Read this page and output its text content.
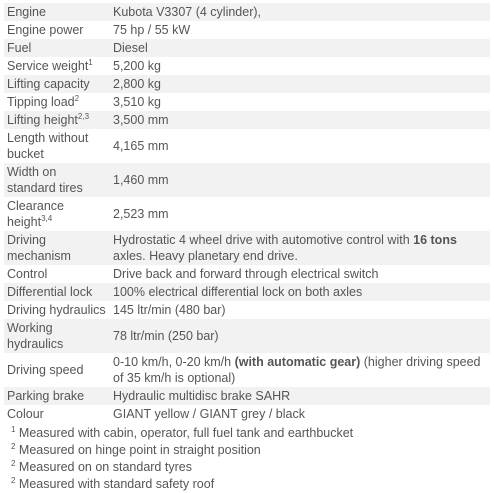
Engine	Kubota V3307 (4 cylinder),
Engine power	75 hp / 55 kW
Fuel	Diesel
Service weight$^1$	5,200 kg
Lifting capacity	2,800 kg
Tipping load$^2$	3,510 kg
Lifting height$^{2,3}$	3,500 mm
Length without bucket	4,165 mm
Width on standard tires	1,460 mm
Clearance height$^{3,4}$	2,523 mm
Driving mechanism	Hydrostatic 4 wheel drive with automotive control with 16 tons axles. Heavy planetary end drive.
Control	Drive back and forward through electrical switch
Differential lock	100% electrical differential lock on both axles
Driving hydraulics	145 ltr/min (480 bar)
Working hydraulics	78 ltr/min (250 bar)
Driving speed	0-10 km/h, 0-20 km/h (with automatic gear) (higher driving speed of 35 km/h is optional)
Parking brake	Hydraulic multidisc brake SAHR
Colour	GIANT yellow / GIANT grey / black
$^1$ Measured with cabin, operator, full fuel tank and earthbucket
$^2$ Measured on hinge point in straight position
$^2$ Measured on on standard tyres
$^2$ Measured with standard safety roof
